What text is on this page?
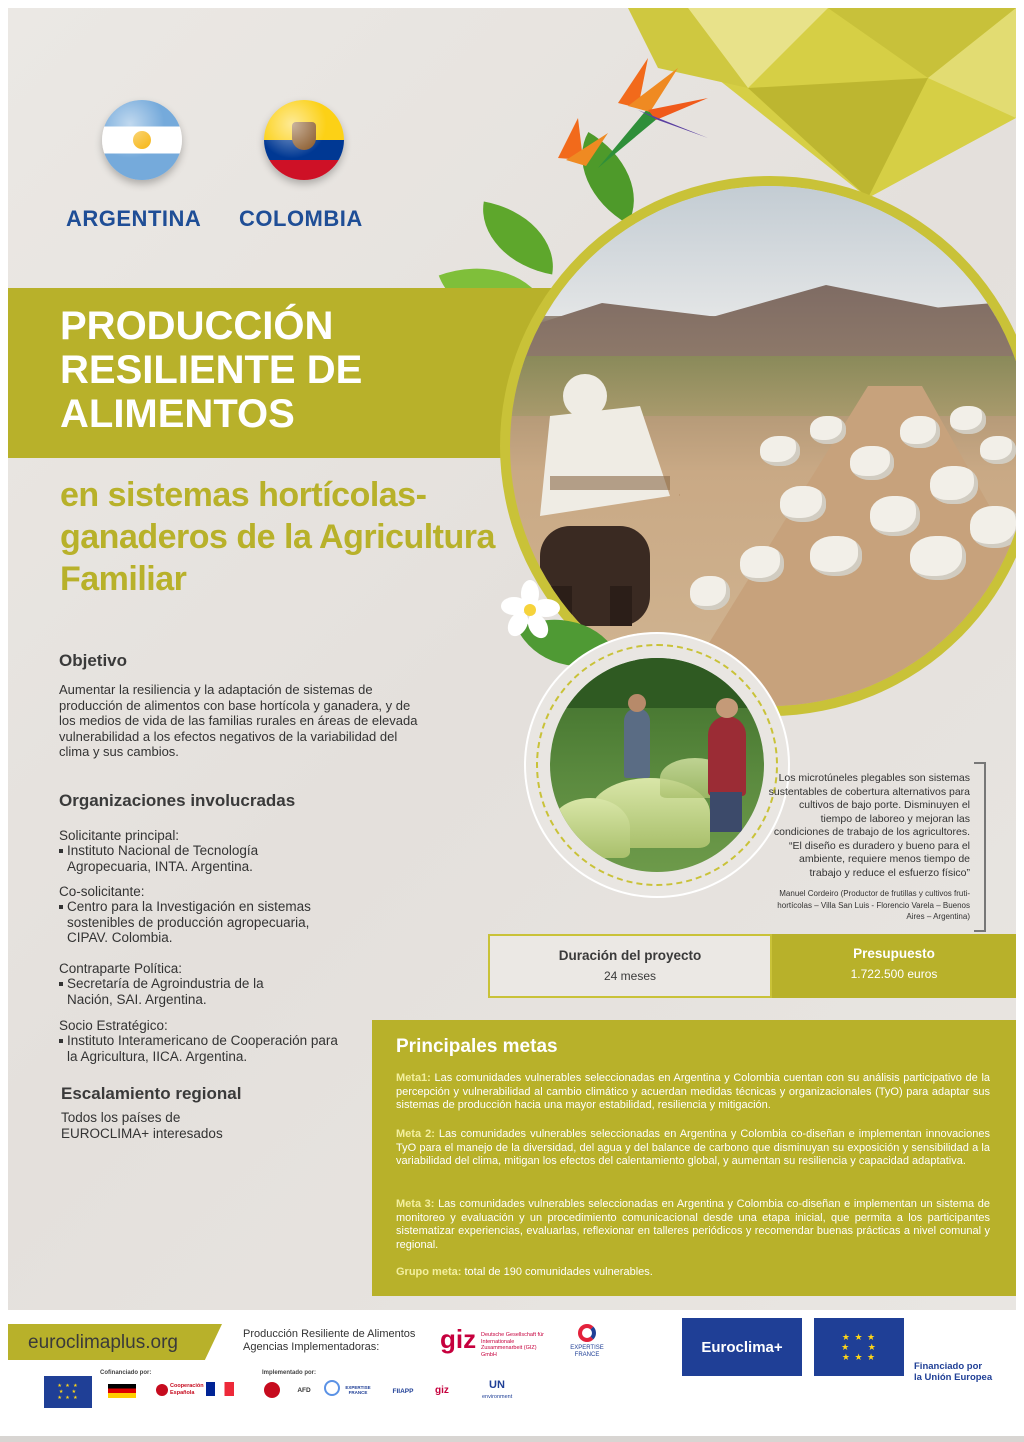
ARGENTINA COLOMBIA
PRODUCCIÓN RESILIENTE DE ALIMENTOS
en sistemas hortícolas-ganaderos de la Agricultura Familiar
Los microtúneles plegables son sistemas sustentables de cobertura alternativos para cultivos de bajo porte. Disminuyen el tiempo de laboreo y mejoran las condiciones de trabajo de los agricultores. “El diseño es duradero y bueno para el ambiente, requiere menos tiempo de trabajo y reduce el esfuerzo físico”
Manuel Cordeiro (Productor de frutillas y cultivos fruti-hortícolas – Villa San Luis - Florencio Varela – Buenos Aires – Argentina)
Objetivo
Aumentar la resiliencia y la adaptación de sistemas de producción de alimentos con base hortícola y ganadera, y de los medios de vida de las familias rurales en áreas de elevada vulnerabilidad a los efectos negativos de la variabilidad del clima y sus cambios.
Organizaciones involucradas
Solicitante principal:
Instituto Nacional de Tecnología Agropecuaria, INTA. Argentina.
Co-solicitante:
Centro para la Investigación en sistemas sostenibles de producción agropecuaria, CIPAV. Colombia.
Contraparte Política:
Secretaría de Agroindustria de la Nación, SAI. Argentina.
Socio Estratégico:
Instituto Interamericano de Cooperación para la Agricultura, IICA. Argentina.
Escalamiento regional
Todos los países de EUROCLIMA+ interesados
Duración del proyecto
24 meses
Presupuesto
1.722.500 euros
Principales metas
Meta1: Las comunidades vulnerables seleccionadas en Argentina y Colombia cuentan con su análisis participativo de la percepción y vulnerabilidad al cambio climático y acuerdan medidas técnicas y organizacionales (TyO) para adaptar sus sistemas de producción hacia una mayor estabilidad, resiliencia y mitigación.
Meta 2: Las comunidades vulnerables seleccionadas en Argentina y Colombia co-diseñan e implementan innovaciones TyO para el manejo de la diversidad, del agua y del balance de carbono que disminuyan su exposición y sensibilidad a la variabilidad del clima, mitigan los efectos del calentamiento global, y aumentan su resiliencia y capacidad adaptativa.
Meta 3: Las comunidades vulnerables seleccionadas en Argentina y Colombia co-diseñan e implementan un sistema de monitoreo y evaluación y un procedimiento comunicacional desde una etapa inicial, que permita a los participantes sistematizar experiencias, evaluarlas, reflexionar en talleres periódicos y recomendar buenas prácticas a nivel comunal y regional.
Grupo meta: total de 190 comunidades vulnerables.
euroclimaplus.org	Producción Resiliente de Alimentos
Agencias Implementadoras: giz Deutsche Gesellschaft für Internationale Zusammenarbeit (GIZ) GmbH
EXPERTISE FRANCE	Euroclima+
★ ★ ★
★     ★
★ ★ ★
Financiado por
la Unión Europea
Cofinanciado por:
★ ★ ★
★   ★
★ ★ ★
Cooperación Española
Implementado por:
AFD	EXPERTISE FRANCE	FIIAPP	giz	UN
environment
